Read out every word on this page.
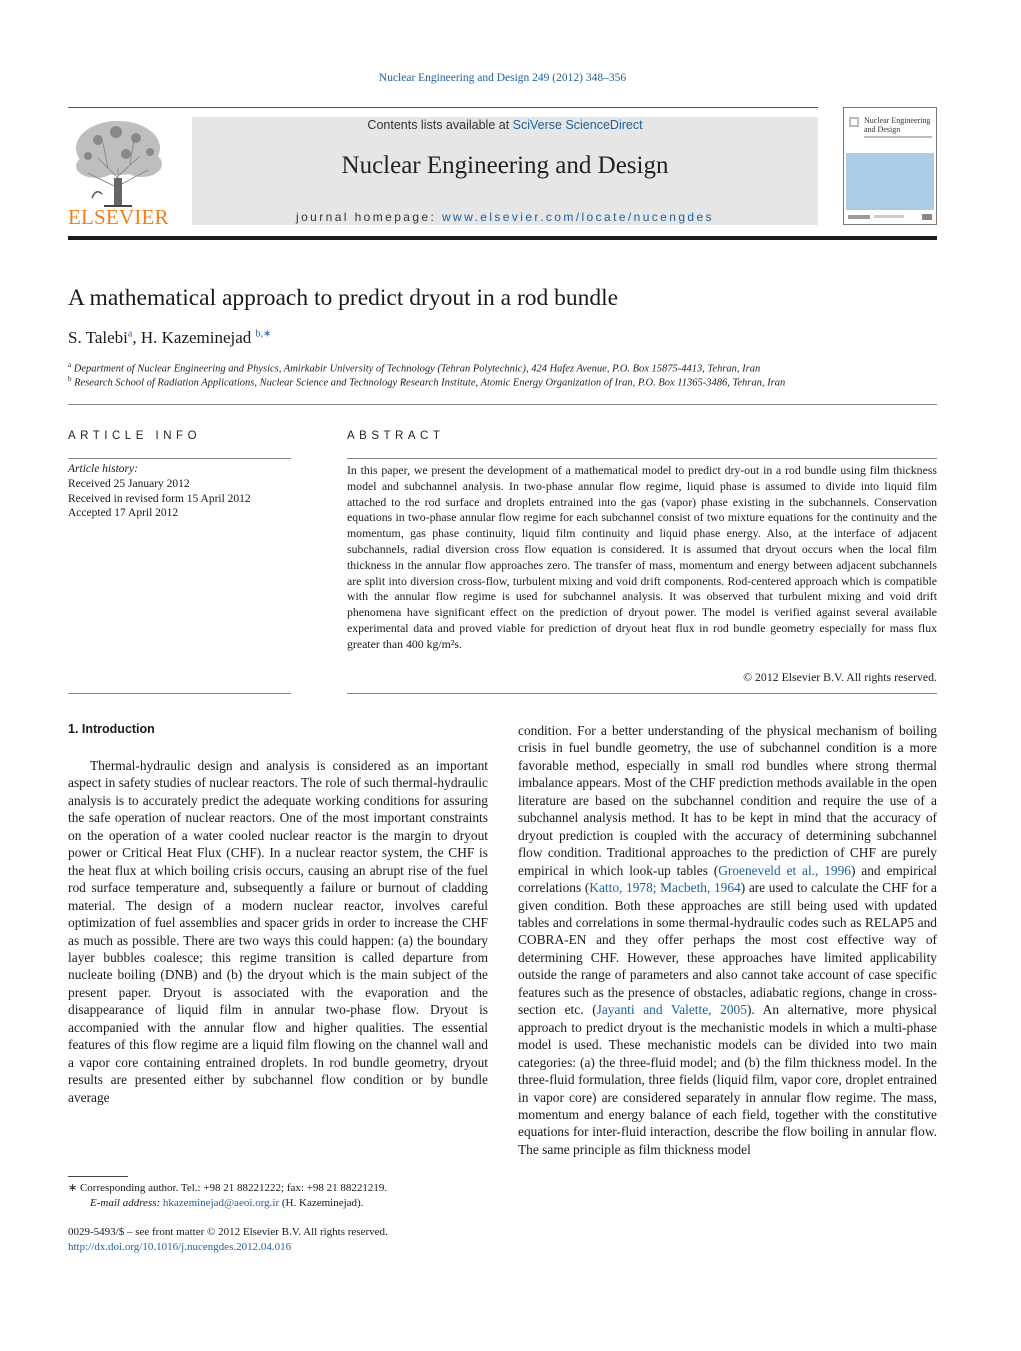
Nuclear Engineering and Design 249 (2012) 348–356
ELSEVIER
Contents lists available at SciVerse ScienceDirect
Nuclear Engineering and Design
journal homepage: www.elsevier.com/locate/nucengdes
Nuclear Engineering and Design
A mathematical approach to predict dryout in a rod bundle
S. Talebi$^a$, H. Kazeminejad $^{b,∗}$
$^a$ Department of Nuclear Engineering and Physics, Amirkabir University of Technology (Tehran Polytechnic), 424 Hafez Avenue, P.O. Box 15875-4413, Tehran, Iran
$^b$ Research School of Radiation Applications, Nuclear Science and Technology Research Institute, Atomic Energy Organization of Iran, P.O. Box 11365-3486, Tehran, Iran
ARTICLE INFO	ABSTRACT
Article history:
Received 25 January 2012
Received in revised form 15 April 2012
Accepted 17 April 2012
In this paper, we present the development of a mathematical model to predict dry-out in a rod bundle using film thickness model and subchannel analysis. In two-phase annular flow regime, liquid phase is assumed to divide into liquid film attached to the rod surface and droplets entrained into the gas (vapor) phase existing in the subchannels. Conservation equations in two-phase annular flow regime for each subchannel consist of two mixture equations for the continuity and the momentum, gas phase continuity, liquid film continuity and liquid phase energy. Also, at the interface of adjacent subchannels, radial diversion cross flow equation is considered. It is assumed that dryout occurs when the local film thickness in the annular flow approaches zero. The transfer of mass, momentum and energy between adjacent subchannels are split into diversion cross-flow, turbulent mixing and void drift components. Rod-centered approach which is compatible with the annular flow regime is used for subchannel analysis. It was observed that turbulent mixing and void drift phenomena have significant effect on the prediction of dryout power. The model is verified against several available experimental data and proved viable for prediction of dryout heat flux in rod bundle geometry especially for mass flux greater than 400 kg/m²s.
© 2012 Elsevier B.V. All rights reserved.
1. Introduction
Thermal-hydraulic design and analysis is considered as an important aspect in safety studies of nuclear reactors. The role of such thermal-hydraulic analysis is to accurately predict the adequate working conditions for assuring the safe operation of nuclear reactors. One of the most important constraints on the operation of a water cooled nuclear reactor is the margin to dryout power or Critical Heat Flux (CHF). In a nuclear reactor system, the CHF is the heat flux at which boiling crisis occurs, causing an abrupt rise of the fuel rod surface temperature and, subsequently a failure or burnout of cladding material. The design of a modern nuclear reactor, involves careful optimization of fuel assemblies and spacer grids in order to increase the CHF as much as possible. There are two ways this could happen: (a) the boundary layer bubbles coalesce; this regime transition is called departure from nucleate boiling (DNB) and (b) the dryout which is the main subject of the present paper. Dryout is associated with the evaporation and the disappearance of liquid film in annular two-phase flow. Dryout is accompanied with the annular flow and higher qualities. The essential features of this flow regime are a liquid film flowing on the channel wall and a vapor core containing entrained droplets. In rod bundle geometry, dryout results are presented either by subchannel flow condition or by bundle average
condition. For a better understanding of the physical mechanism of boiling crisis in fuel bundle geometry, the use of subchannel condition is a more favorable method, especially in small rod bundles where strong thermal imbalance appears. Most of the CHF prediction methods available in the open literature are based on the subchannel condition and require the use of a subchannel analysis method. It has to be kept in mind that the accuracy of dryout prediction is coupled with the accuracy of determining subchannel flow condition. Traditional approaches to the prediction of CHF are purely empirical in which look-up tables (Groeneveld et al., 1996) and empirical correlations (Katto, 1978; Macbeth, 1964) are used to calculate the CHF for a given condition. Both these approaches are still being used with updated tables and correlations in some thermal-hydraulic codes such as RELAP5 and COBRA-EN and they offer perhaps the most cost effective way of determining CHF. However, these approaches have limited applicability outside the range of parameters and also cannot take account of case specific features such as the presence of obstacles, adiabatic regions, change in cross-section etc. (Jayanti and Valette, 2005). An alternative, more physical approach to predict dryout is the mechanistic models in which a multi-phase model is used. These mechanistic models can be divided into two main categories: (a) the three-fluid model; and (b) the film thickness model. In the three-fluid formulation, three fields (liquid film, vapor core, droplet entrained in vapor core) are considered separately in annular flow regime. The mass, momentum and energy balance of each field, together with the constitutive equations for inter-fluid interaction, describe the flow boiling in annular flow. The same principle as film thickness model
∗ Corresponding author. Tel.: +98 21 88221222; fax: +98 21 88221219.
E-mail address: hkazeminejad@aeoi.org.ir (H. Kazeminejad).
0029-5493/$ – see front matter © 2012 Elsevier B.V. All rights reserved.
http://dx.doi.org/10.1016/j.nucengdes.2012.04.016
